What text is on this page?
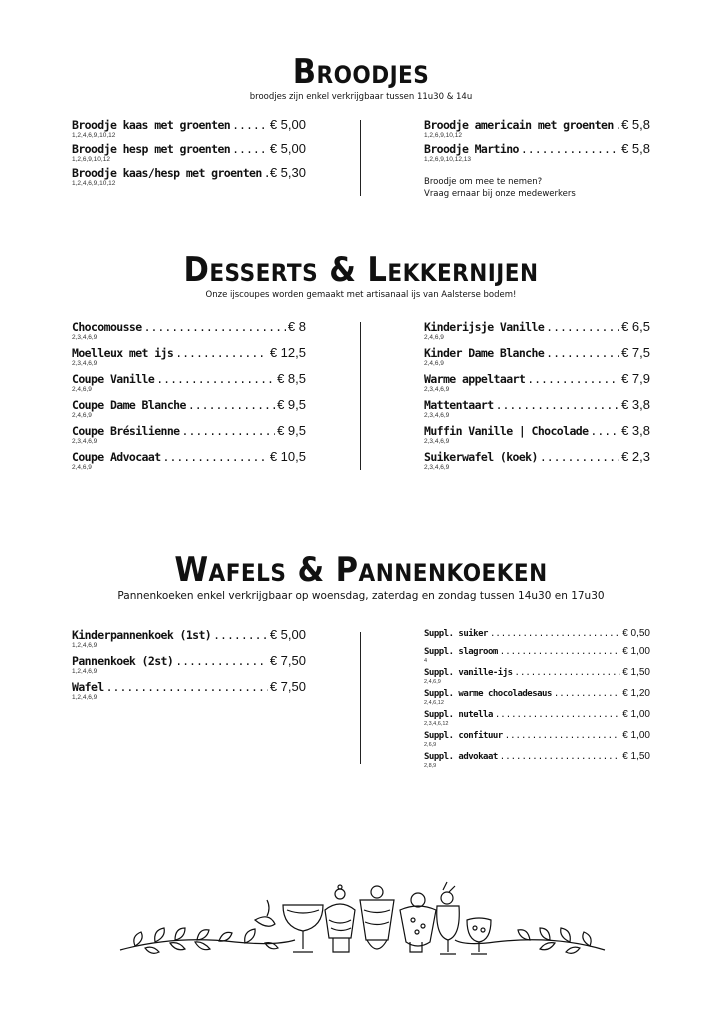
Broodjes
broodjes zijn enkel verkrijgbaar tussen 11u30 & 14u
Broodje kaas met groenten .....	€ 5,00
1,2,4,6,9,10,12
Broodje hesp met groenten .....	€ 5,00
1,2,6,9,10,12
Broodje kaas/hesp met groenten ..... € 5,30
1,2,4,6,9,10,12
Broodje americain met groenten ..... € 5,8
1,2,6,9,10,12
Broodje Martino .....	€ 5,8
1,2,6,9,10,12,13
Broodje om mee te nemen?
Vraag ernaar bij onze medewerkers
Desserts & Lekkernijen
Onze ijscoupes worden gemaakt met artisanaal ijs van Aalsterse bodem!
Chocomousse .....	€ 8
2,3,4,6,9
Moelleux met ijs .....	€ 12,5
2,3,4,6,9
Coupe Vanille .....	€ 8,5
2,4,6,9
Coupe Dame Blanche .....	€ 9,5
2,4,6,9
Coupe Brésilienne .....	€ 9,5
2,3,4,6,9
Coupe Advocaat .....	€ 10,5
2,4,6,9
Kinderijsje Vanille .....	€ 6,5
2,4,6,9
Kinder Dame Blanche .....	€ 7,5
2,4,6,9
Warme appeltaart .....	€ 7,9
2,3,4,6,9
Mattentaart .....	€ 3,8
2,3,4,6,9
Muffin Vanille | Chocolade .....	€ 3,8
2,3,4,6,9
Suikerwafel (koek) .....	€ 2,3
2,3,4,6,9
Wafels & Pannenkoeken
Pannenkoeken enkel verkrijgbaar op woensdag, zaterdag en zondag tussen 14u30 en 17u30
Kinderpannenkoek (1st) .....	€ 5,00
1,2,4,6,9
Pannenkoek (2st) .....	€ 7,50
1,2,4,6,9
Wafel .....	€ 7,50
1,2,4,6,9
Suppl. suiker .....	€ 0,50
Suppl. slagroom .....	€ 1,00
4
Suppl. vanille-ijs .....	€ 1,50
2,4,6,9
Suppl. warme chocoladesaus .....	€ 1,20
2,4,6,12
Suppl. nutella .....	€ 1,00
2,3,4,6,12
Suppl. confituur .....	€ 1,00
2,6,9
Suppl. advokaat .....	€ 1,50
2,8,9
